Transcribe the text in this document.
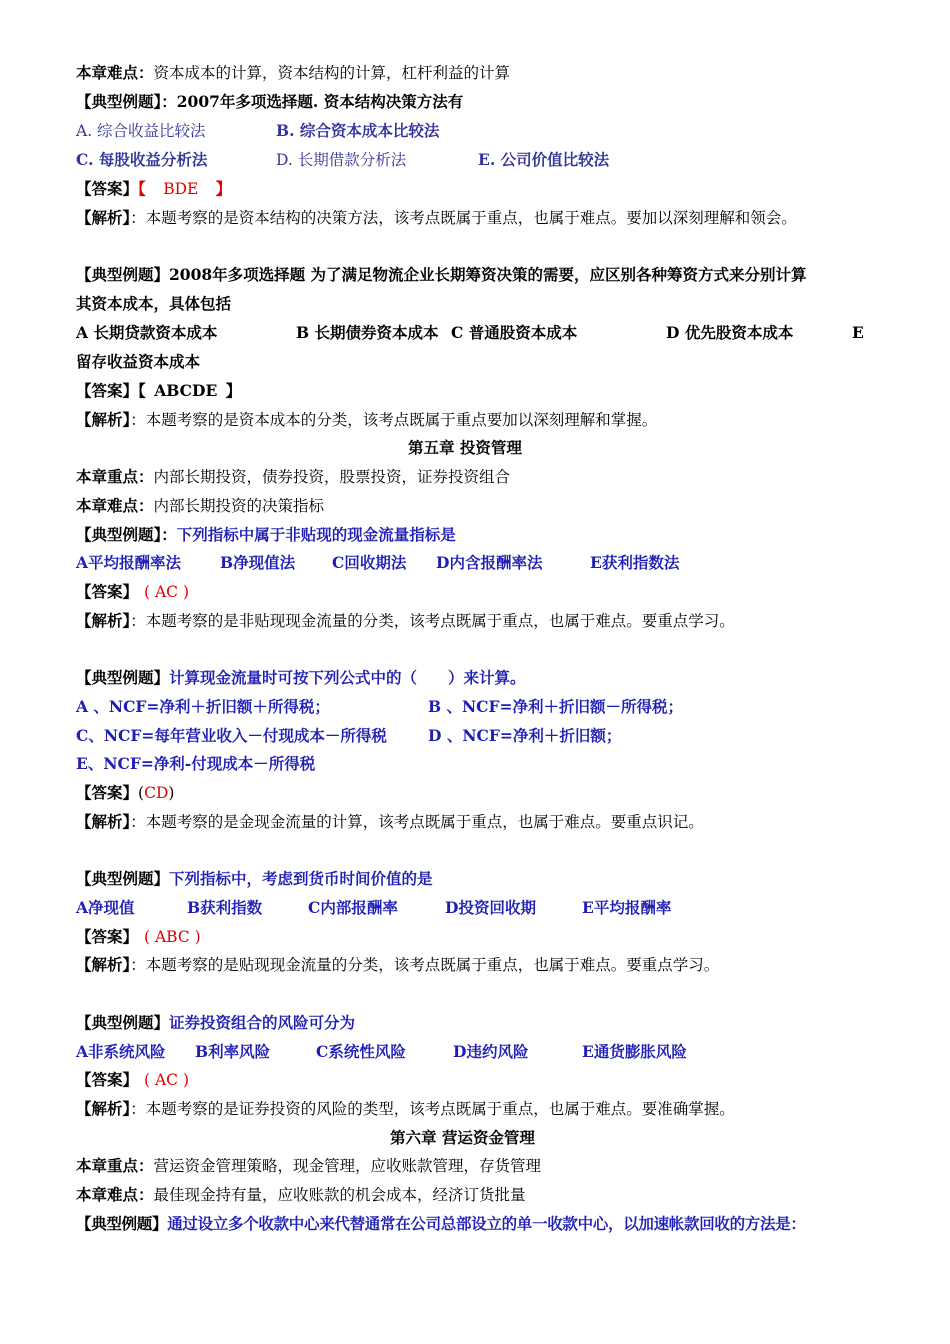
本章难点：资本成本的计算，资本结构的计算，杠杆利益的计算
【典型例题】：2007年多项选择题. 资本结构决策方法有
A. 综合收益比较法	B. 综合资本成本比较法
C. 每股收益分析法	D. 长期借款分析法	E. 公司价值比较法
【答案】【 BDE 】
【解析】：本题考察的是资本结构的决策方法，该考点既属于重点，也属于难点。要加以深刻理解和领会。
【典型例题】2008年多项选择题 为了满足物流企业长期筹资决策的需要，应区别各种筹资方式来分别计算
其资本成本，具体包括
A 长期贷款资本成本	B 长期债券资本成本 C 普通股资本成本	D 优先股资本成本	E
留存收益资本成本
【答案】【 ABCDE 】
【解析】：本题考察的是资本成本的分类，该考点既属于重点要加以深刻理解和掌握。
第五章 投资管理
本章重点：内部长期投资，债券投资，股票投资，证券投资组合
本章难点：内部长期投资的决策指标
【典型例题】：下列指标中属于非贴现的现金流量指标是
A平均报酬率法	B净现值法 C回收期法 D内含报酬率法	E获利指数法
【答案】 ( AC )
【解析】：本题考察的是非贴现现金流量的分类，该考点既属于重点，也属于难点。要重点学习。
【典型例题】计算现金流量时可按下列公式中的（　　）来计算。
A 、NCF=净利＋折旧额＋所得税；	B 、NCF=净利＋折旧额－所得税；
C、NCF=每年营业收入－付现成本－所得税	D 、NCF=净利＋折旧额；
E、NCF=净利-付现成本－所得税
【答案】(CD)
【解析】：本题考察的是金现金流量的计算，该考点既属于重点，也属于难点。要重点识记。
【典型例题】下列指标中，考虑到货币时间价值的是
A净现值	B获利指数	C内部报酬率	D投资回收期	E平均报酬率
【答案】 ( ABC )
【解析】：本题考察的是贴现现金流量的分类，该考点既属于重点，也属于难点。要重点学习。
【典型例题】证券投资组合的风险可分为
A非系统风险 B利率风险	C系统性风险	D违约风险	E通货膨胀风险
【答案】 ( AC )
【解析】：本题考察的是证券投资的风险的类型，该考点既属于重点，也属于难点。要准确掌握。
第六章 营运资金管理
本章重点：营运资金管理策略，现金管理，应收账款管理，存货管理
本章难点：最佳现金持有量，应收账款的机会成本，经济订货批量
【典型例题】通过设立多个收款中心来代替通常在公司总部设立的单一收款中心，以加速帐款回收的方法是：
